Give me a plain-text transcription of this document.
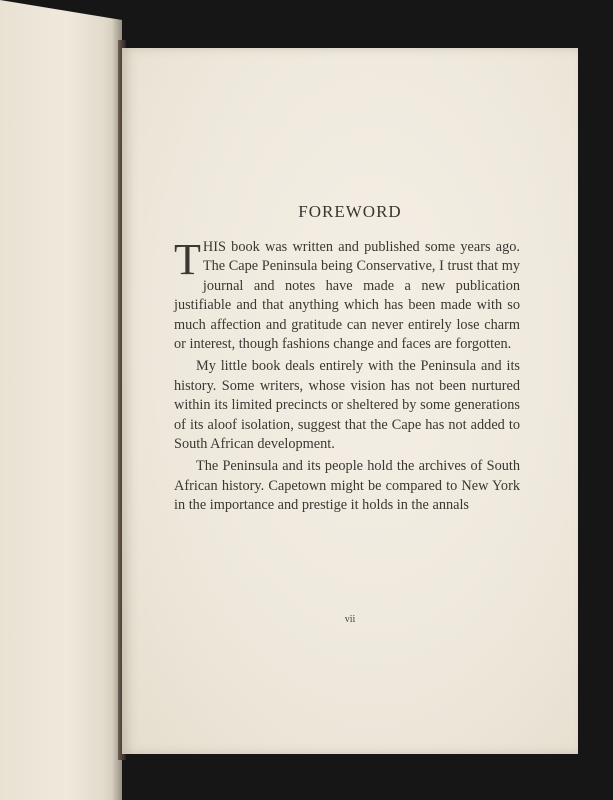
FOREWORD

THIS book was written and published some years ago. The Cape Peninsula being Conservative, I trust that my journal and notes have made a new publication justifiable and that anything which has been made with so much affection and gratitude can never entirely lose charm or interest, though fashions change and faces are forgotten.

My little book deals entirely with the Peninsula and its history. Some writers, whose vision has not been nurtured within its limited precincts or sheltered by some generations of its aloof isolation, suggest that the Cape has not added to South African development.

The Peninsula and its people hold the archives of South African history. Capetown might be compared to New York in the importance and prestige it holds in the annals

vii
